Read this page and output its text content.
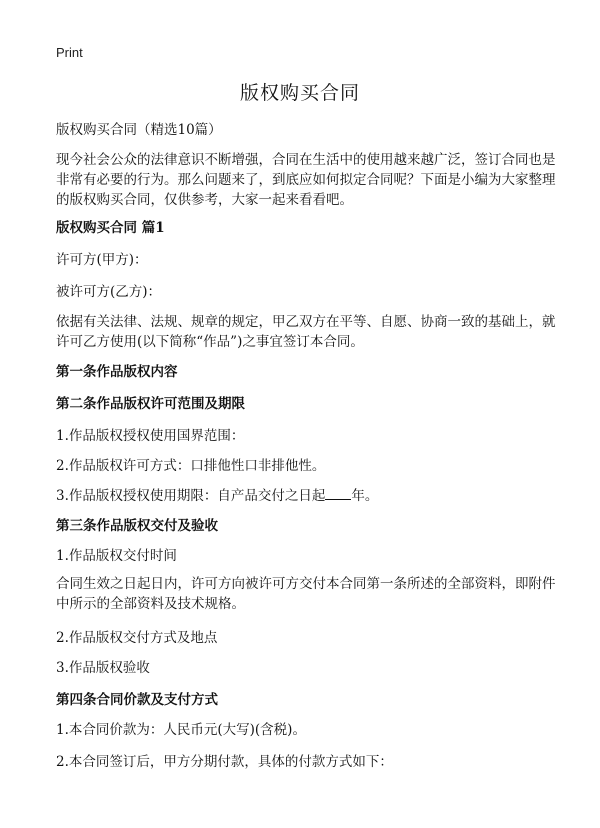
Print
版权购买合同

版权购买合同（精选10篇）

现今社会公众的法律意识不断增强，合同在生活中的使用越来越广泛，签订合同也是非常有必要的行为。那么问题来了，到底应如何拟定合同呢？下面是小编为大家整理的版权购买合同，仅供参考，大家一起来看看吧。

版权购买合同 篇1

许可方(甲方)：

被许可方(乙方)：

依据有关法律、法规、规章的规定，甲乙双方在平等、自愿、协商一致的基础上，就许可乙方使用(以下简称“作品”)之事宜签订本合同。

第一条作品版权内容

第二条作品版权许可范围及期限

1.作品版权授权使用国界范围：

2.作品版权许可方式：口排他性口非排他性。

3.作品版权授权使用期限：自产品交付之日起 年。

第三条作品版权交付及验收

1.作品版权交付时间

合同生效之日起日内，许可方向被许可方交付本合同第一条所述的全部资料，即附件中所示的全部资料及技术规格。

2.作品版权交付方式及地点

3.作品版权验收

第四条合同价款及支付方式

1.本合同价款为：人民币元(大写)(含税)。

2.本合同签订后，甲方分期付款，具体的付款方式如下：
